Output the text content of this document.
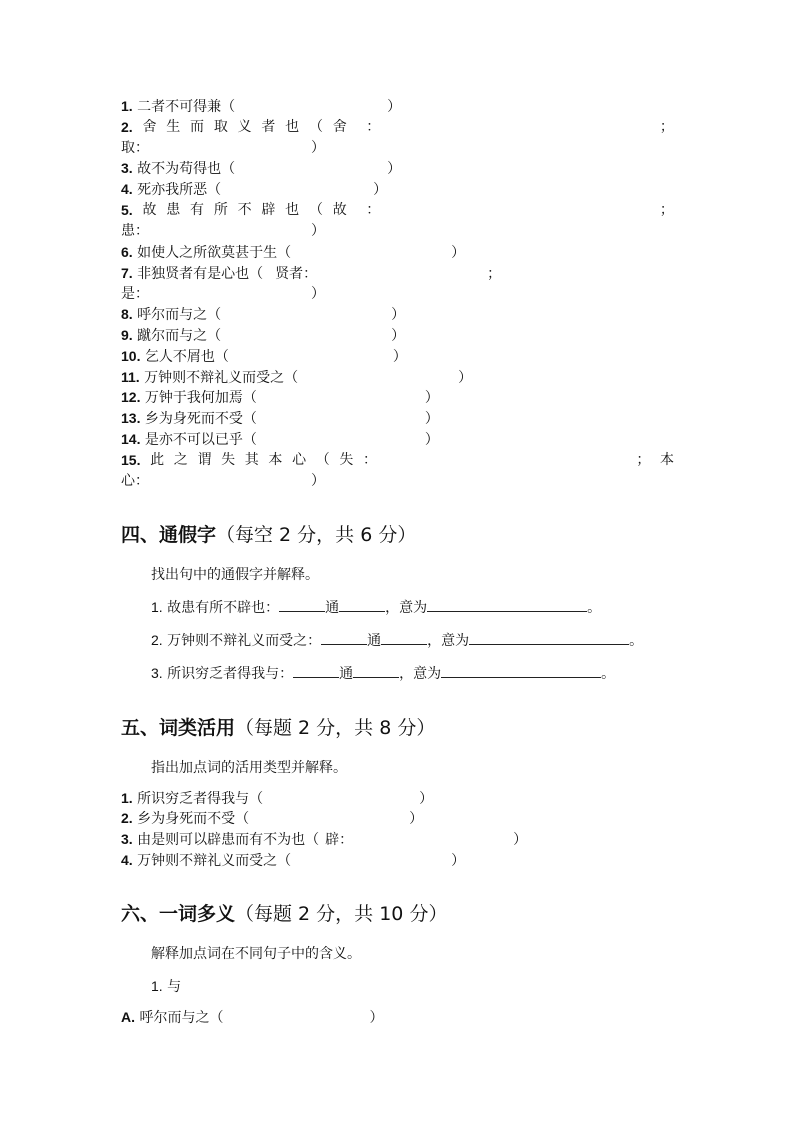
1. 二者不可得兼（	）
2. 舍 生 而 取 义 者 也 （ 舍 ：	；
取：	）
3. 故不为苟得也（	）
4. 死亦我所恶（	）
5. 故 患 有 所 不 辟 也 （ 故 ：	；
患：	）
6. 如使人之所欲莫甚于生（	）
7. 非独贤者有是心也（ 贤者：	；
是：	）
8. 呼尔而与之（	）
9. 蹴尔而与之（	）
10. 乞人不屑也（	）
11. 万钟则不辩礼义而受之（	）
12. 万钟于我何加焉（	）
13. 乡为身死而不受（	）
14. 是亦不可以已乎（	）
15. 此 之 谓 失 其 本 心 （ 失 ：	； 本
心：	）
四、通假字（每空 2 分，共 6 分）
找出句中的通假字并解释。
1. 故患有所不辟也：	通	，意为	。
2. 万钟则不辩礼义而受之：	通	，意为	。
3. 所识穷乏者得我与：	通	，意为	。
五、词类活用（每题 2 分，共 8 分）
指出加点词的活用类型并解释。
1. 所识穷乏者得我与（	）
2. 乡为身死而不受（	）
3. 由是则可以辟患而有不为也（ 辟：	）
4. 万钟则不辩礼义而受之（	）
六、一词多义（每题 2 分，共 10 分）
解释加点词在不同句子中的含义。
1. 与
A. 呼尔而与之（	）
